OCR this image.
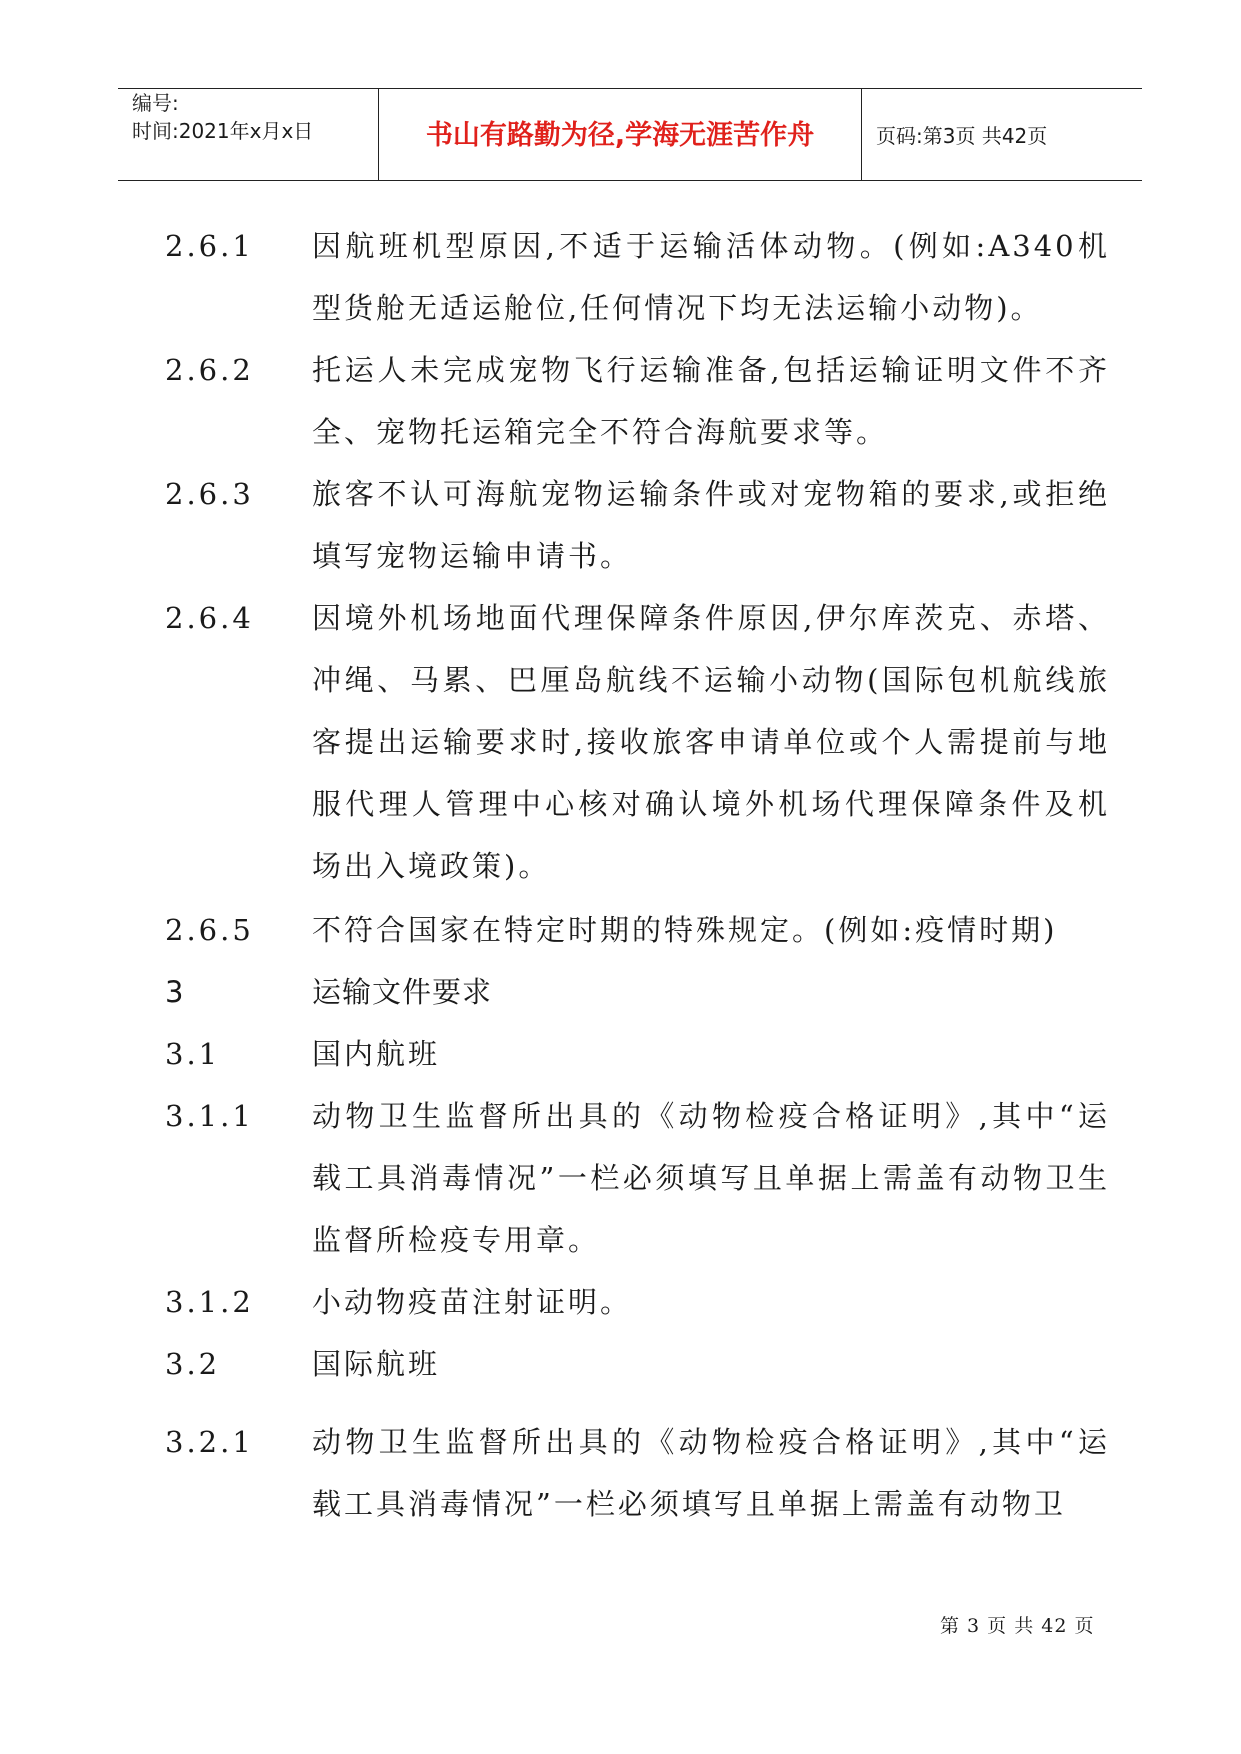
编号:
时间:2021年x月x日	书山有路勤为径,学海无涯苦作舟	页码:第3页 共42页
2.6.1 因航班机型原因,不适于运输活体动物。(例如:A340机型货舱无适运舱位,任何情况下均无法运输小动物)。
2.6.2 托运人未完成宠物飞行运输准备,包括运输证明文件不齐全、宠物托运箱完全不符合海航要求等。
2.6.3 旅客不认可海航宠物运输条件或对宠物箱的要求,或拒绝填写宠物运输申请书。
2.6.4 因境外机场地面代理保障条件原因,伊尔库茨克、赤塔、冲绳、马累、巴厘岛航线不运输小动物(国际包机航线旅客提出运输要求时,接收旅客申请单位或个人需提前与地服代理人管理中心核对确认境外机场代理保障条件及机场出入境政策)。
2.6.5 不符合国家在特定时期的特殊规定。(例如:疫情时期)
3	运输文件要求
3.1	国内航班
3.1.1 动物卫生监督所出具的《动物检疫合格证明》,其中“运载工具消毒情况”一栏必须填写且单据上需盖有动物卫生监督所检疫专用章。
3.1.2 小动物疫苗注射证明。
3.2	国际航班
3.2.1 动物卫生监督所出具的《动物检疫合格证明》,其中“运载工具消毒情况”一栏必须填写且单据上需盖有动物卫
第 3 页 共 42 页
